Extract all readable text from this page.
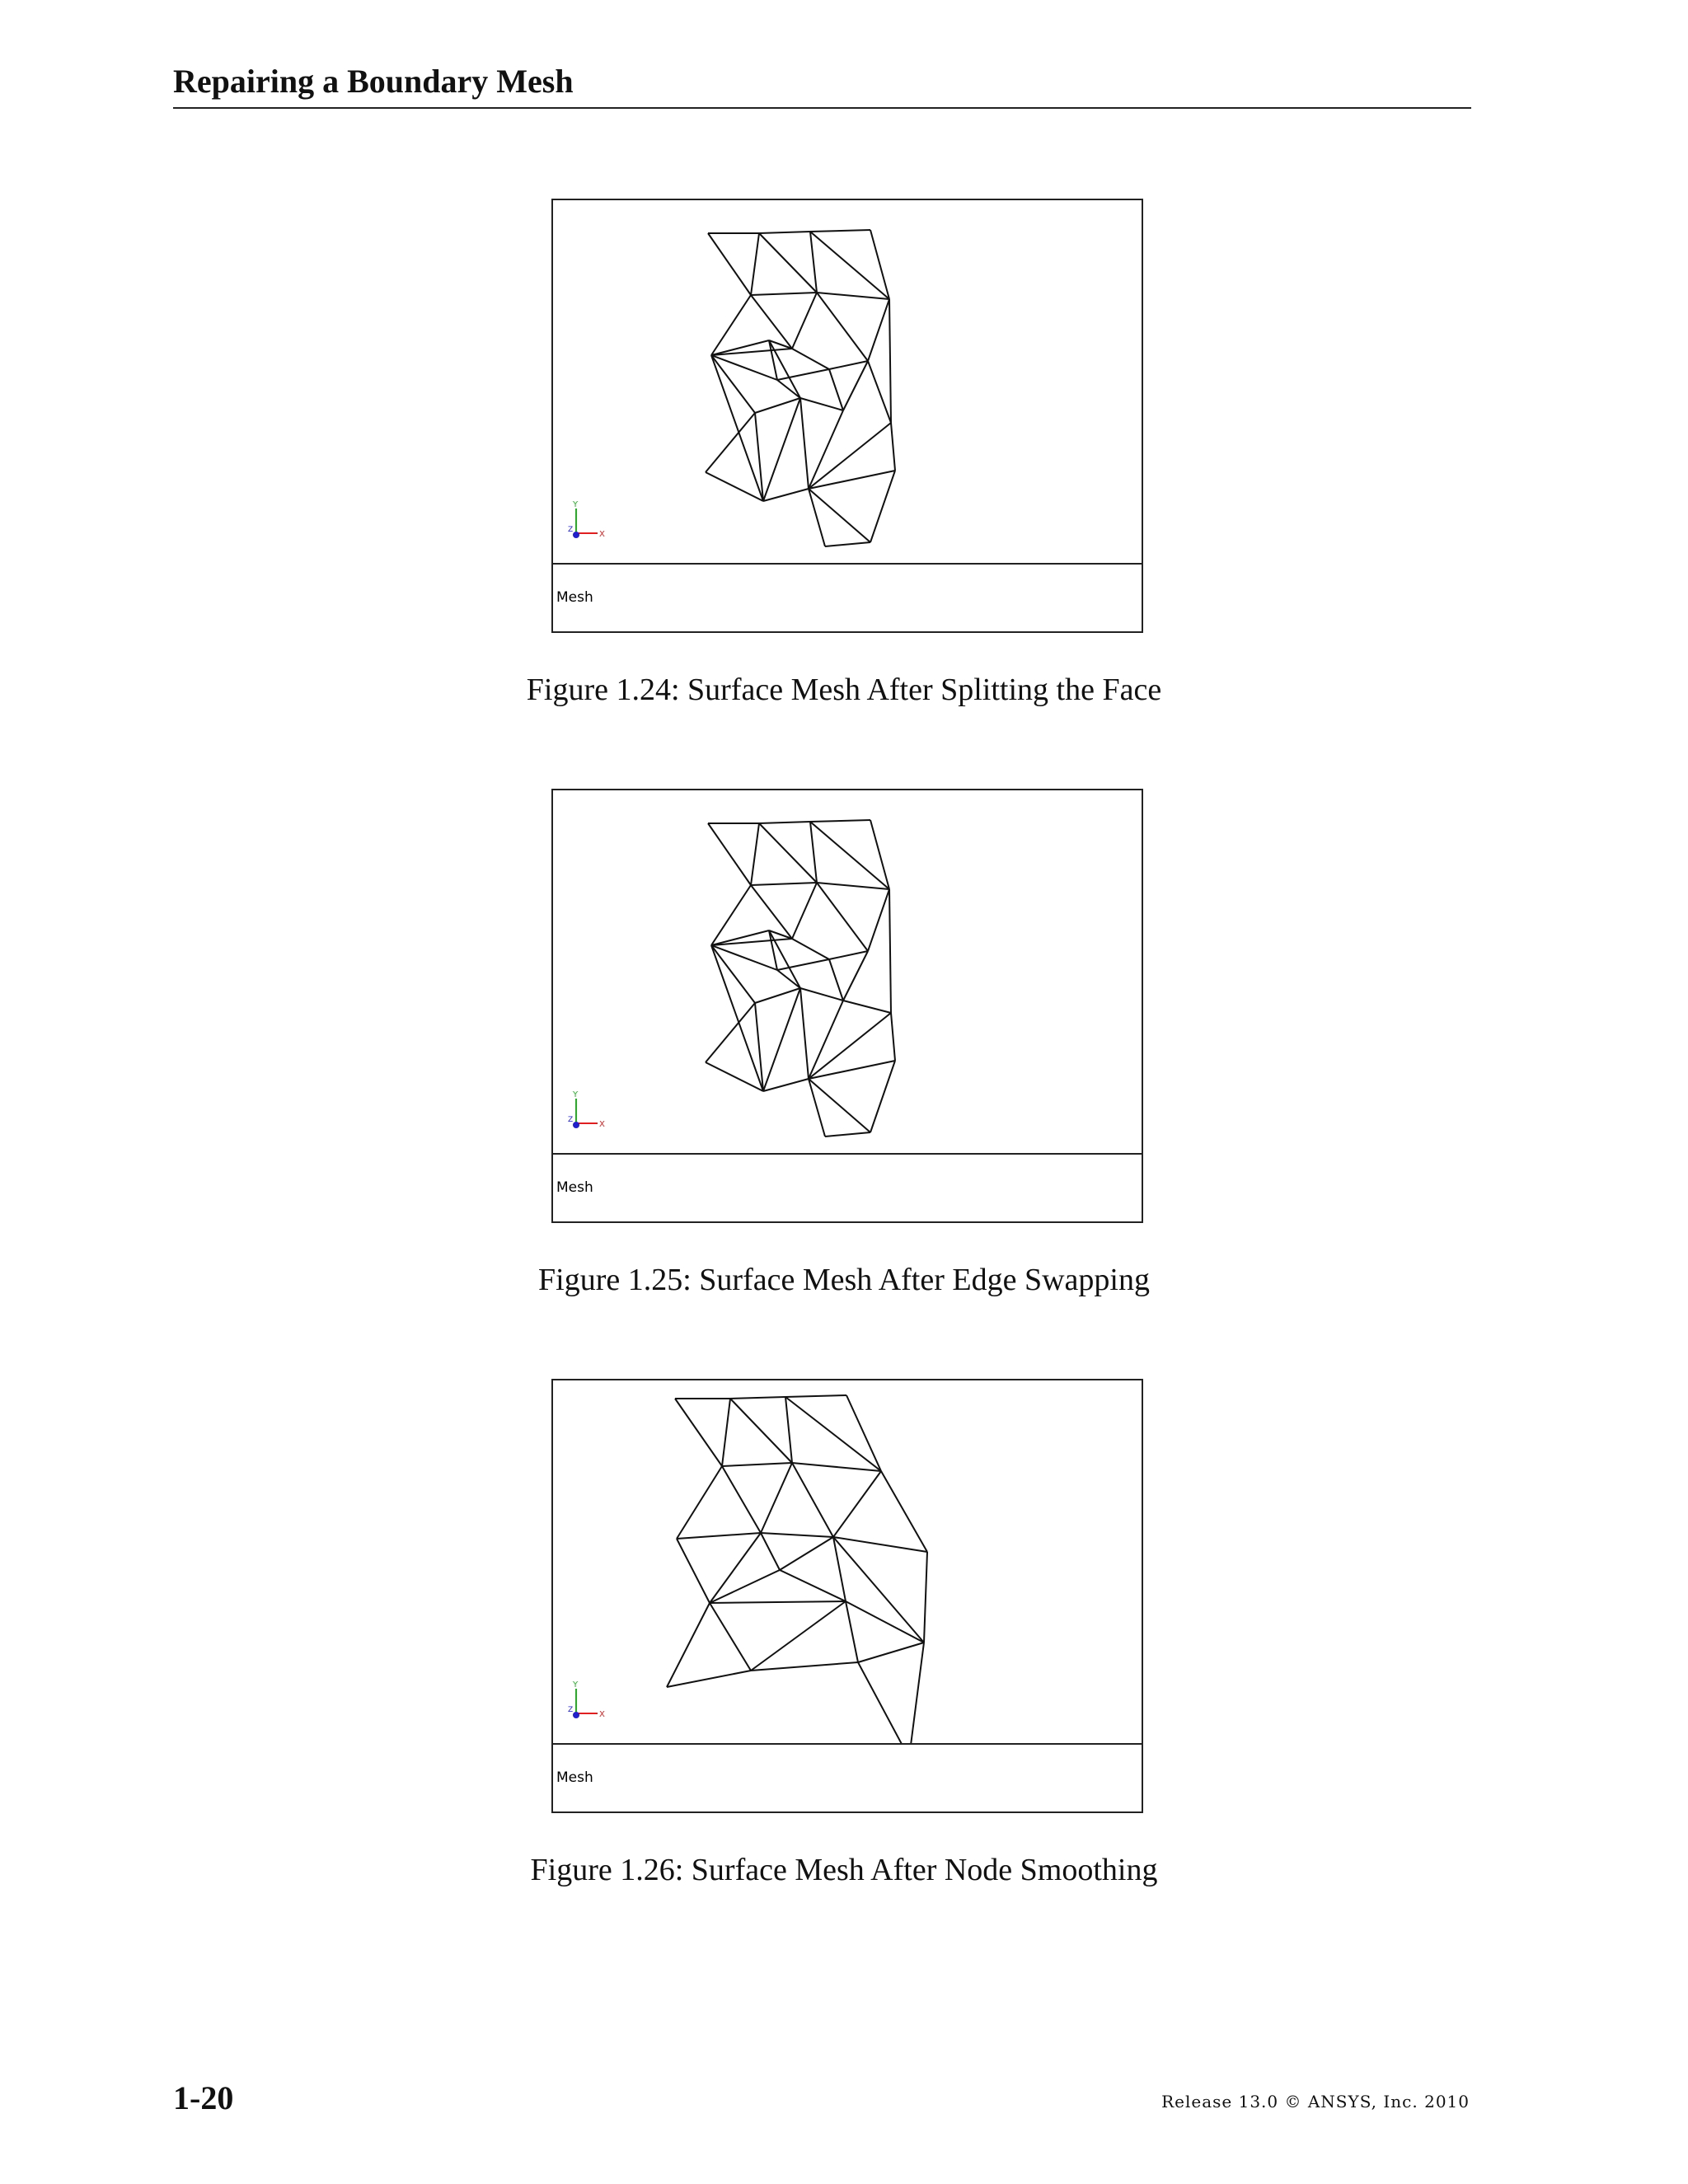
Repairing a Boundary Mesh
Y
X
Z
Mesh
Figure 1.24: Surface Mesh After Splitting the Face
Y
X
Z
Mesh
Figure 1.25: Surface Mesh After Edge Swapping
Y
X
Z
Mesh
Figure 1.26: Surface Mesh After Node Smoothing
1-20	Release 13.0 © ANSYS, Inc. 2010
